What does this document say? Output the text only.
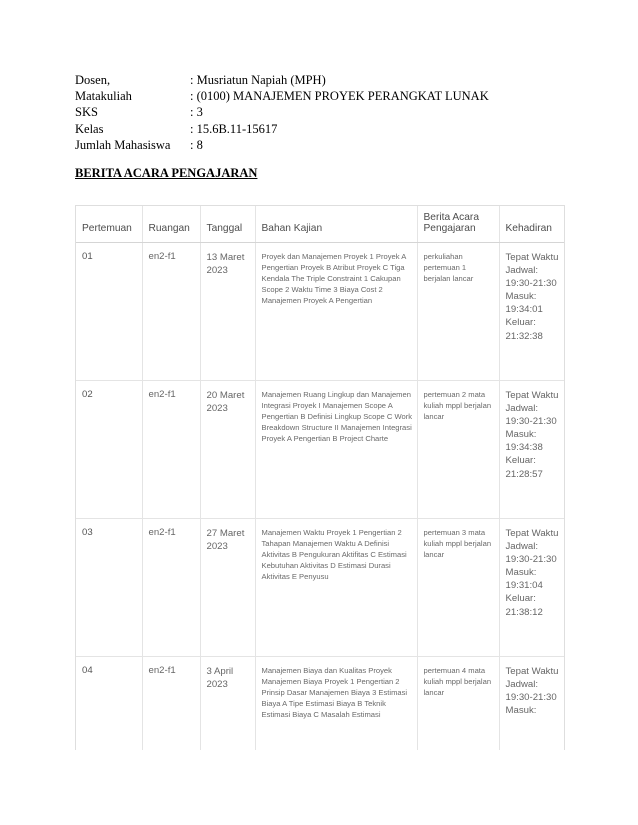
Dosen,	: Musriatun Napiah (MPH)
Matakuliah	: (0100) MANAJEMEN PROYEK PERANGKAT LUNAK
SKS	: 3
Kelas	: 15.6B.11-15617
Jumlah Mahasiswa	: 8
BERITA ACARA PENGAJARAN
Pertemuan	Ruangan	Tanggal	Bahan Kajian	Berita Acara Pengajaran	Kehadiran
01	en2-f1	13 Maret 2023	Proyek dan Manajemen Proyek 1 Proyek A Pengertian Proyek B Atribut Proyek C Tiga Kendala The Triple Constraint 1 Cakupan Scope 2 Waktu Time 3 Biaya Cost 2 Manajemen Proyek A Pengertian	perkuliahan pertemuan 1 berjalan lancar	Tepat Waktu Jadwal: 19:30-21:30 Masuk: 19:34:01 Keluar: 21:32:38
02	en2-f1	20 Maret 2023	Manajemen Ruang Lingkup dan Manajemen Integrasi Proyek I Manajemen Scope A Pengertian B Definisi Lingkup Scope C Work Breakdown Structure II Manajemen Integrasi Proyek A Pengertian B Project Charte	pertemuan 2 mata kuliah mppl berjalan lancar	Tepat Waktu Jadwal: 19:30-21:30 Masuk: 19:34:38 Keluar: 21:28:57
03	en2-f1	27 Maret 2023	Manajemen Waktu Proyek 1 Pengertian 2 Tahapan Manajemen Waktu A Definisi Aktivitas B Pengukuran Aktifitas C Estimasi Kebutuhan Aktivitas D Estimasi Durasi Aktivitas E Penyusu	pertemuan 3 mata kuliah mppl berjalan lancar	Tepat Waktu Jadwal: 19:30-21:30 Masuk: 19:31:04 Keluar: 21:38:12
04	en2-f1	3 April 2023	Manajemen Biaya dan Kualitas Proyek Manajemen Biaya Proyek 1 Pengertian 2 Prinsip Dasar Manajemen Biaya 3 Estimasi Biaya A Tipe Estimasi Biaya B Teknik Estimasi Biaya C Masalah Estimasi	pertemuan 4 mata kuliah mppl berjalan lancar	Tepat Waktu Jadwal: 19:30-21:30 Masuk:
